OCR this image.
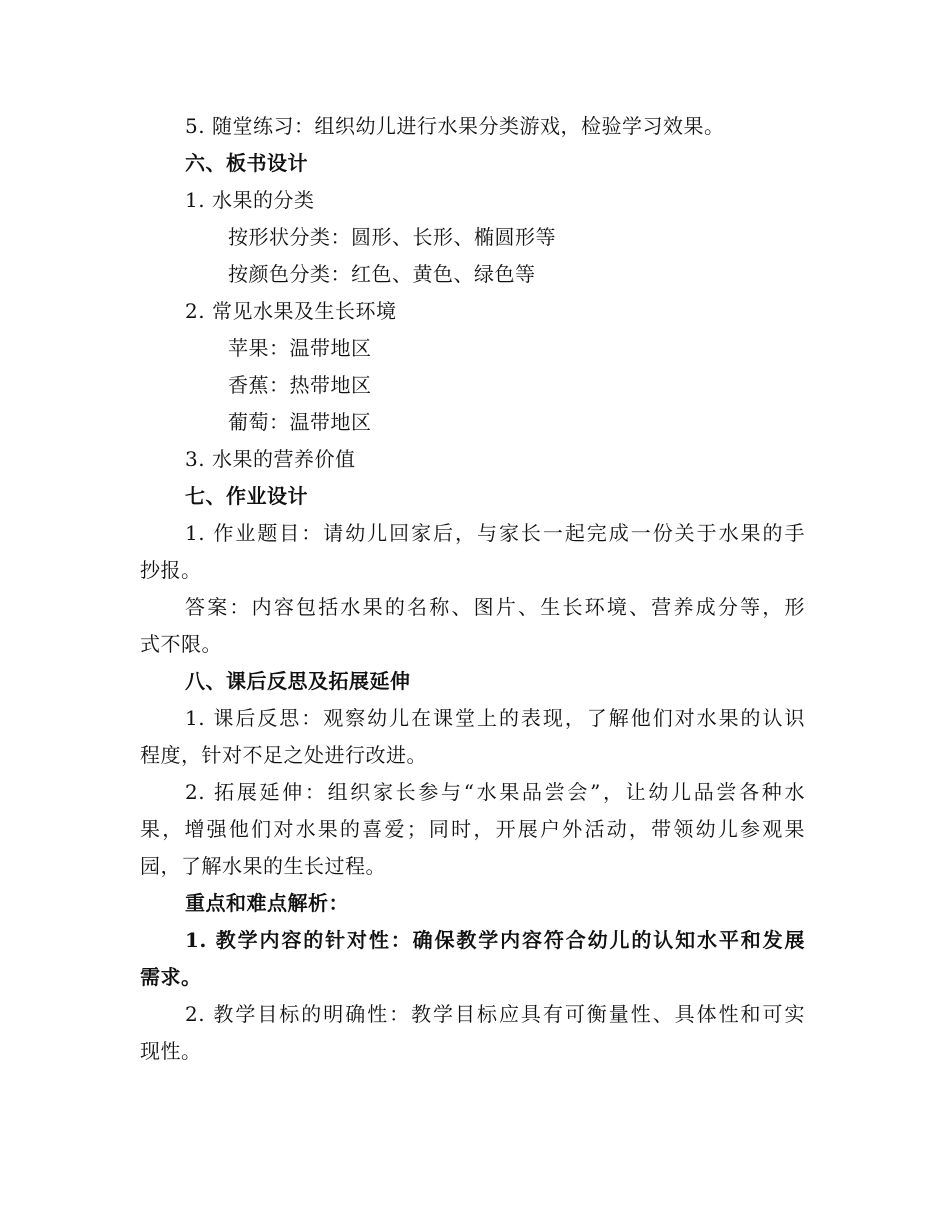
5. 随堂练习：组织幼儿进行水果分类游戏，检验学习效果。
六、板书设计
1. 水果的分类
按形状分类：圆形、长形、椭圆形等
按颜色分类：红色、黄色、绿色等
2. 常见水果及生长环境
苹果：温带地区
香蕉：热带地区
葡萄：温带地区
3. 水果的营养价值
七、作业设计
1. 作业题目：请幼儿回家后，与家长一起完成一份关于水果的手
抄报。
答案：内容包括水果的名称、图片、生长环境、营养成分等，形
式不限。
八、课后反思及拓展延伸
1. 课后反思：观察幼儿在课堂上的表现，了解他们对水果的认识
程度，针对不足之处进行改进。
2. 拓展延伸：组织家长参与“水果品尝会”，让幼儿品尝各种水
果，增强他们对水果的喜爱；同时，开展户外活动，带领幼儿参观果
园，了解水果的生长过程。
重点和难点解析：
1. 教学内容的针对性：确保教学内容符合幼儿的认知水平和发展
需求。
2. 教学目标的明确性：教学目标应具有可衡量性、具体性和可实
现性。
